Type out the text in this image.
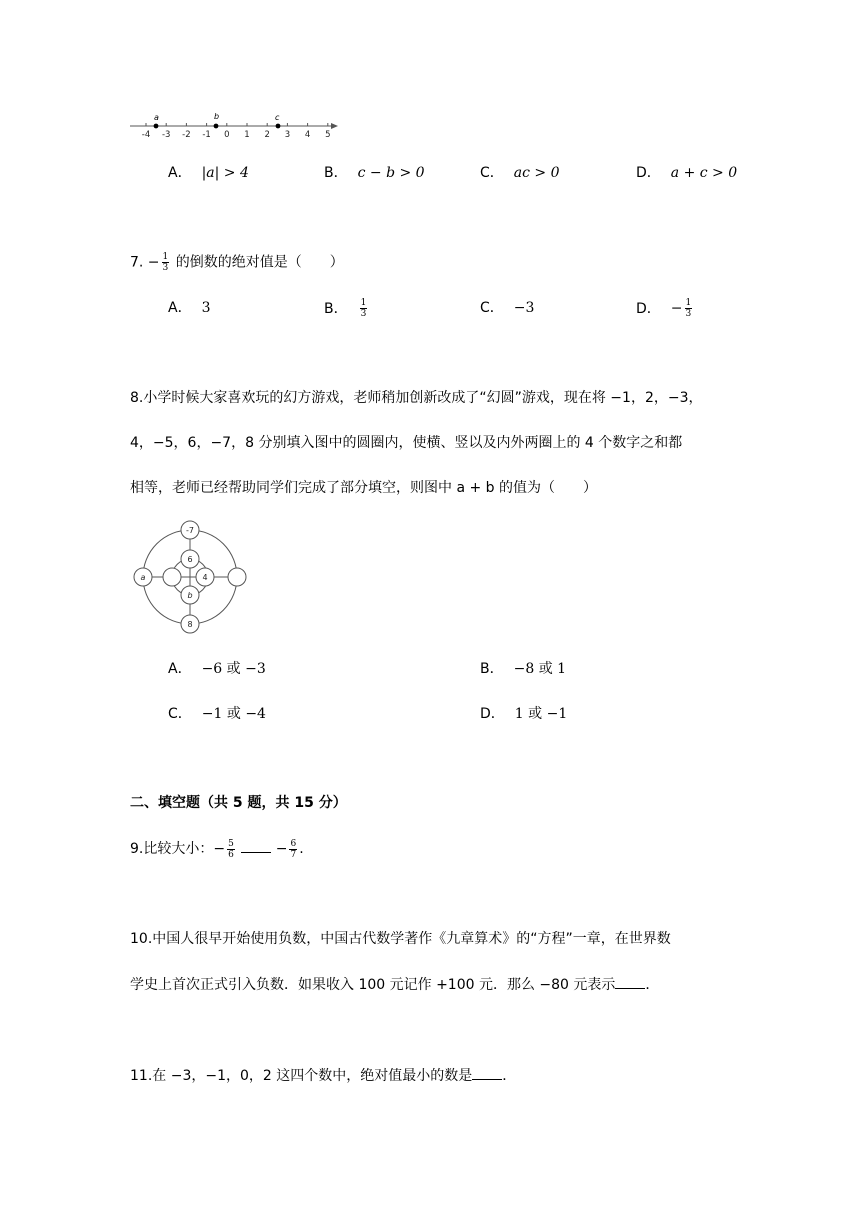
-4 -3 -2 -1 0 1 2 3 4 5
a	b	c
A． |a| > 4	B． c − b > 0	C． ac > 0	D． a + c > 0
7. − $\frac{1}{3}$ 的倒数的绝对值是（　　）
A． 3	B． $\frac{1}{3}$	C． −3	D． − $\frac{1}{3}$
8.小学时候大家喜欢玩的幻方游戏，老师稍加创新改成了“幻圆”游戏，现在将 −1，2，−3，
4，−5，6，−7，8 分别填入图中的圆圈内，使横、竖以及内外两圈上的 4 个数字之和都
相等，老师已经帮助同学们完成了部分填空，则图中 a + b 的值为（　　）
-7
a
8
6
4
b
A． −6 或 −3	B． −8 或 1
C． −1 或 −4	D． 1 或 −1
二、填空题（共 5 题，共 15 分）
9.比较大小：− $\frac{5}{6}$	− $\frac{6}{7}$ .
10.中国人很早开始使用负数，中国古代数学著作《九章算术》的“方程”一章，在世界数
学史上首次正式引入负数．如果收入 100 元记作 +100 元．那么 −80 元表示 ．
11.在 −3，−1，0，2 这四个数中，绝对值最小的数是 ．
